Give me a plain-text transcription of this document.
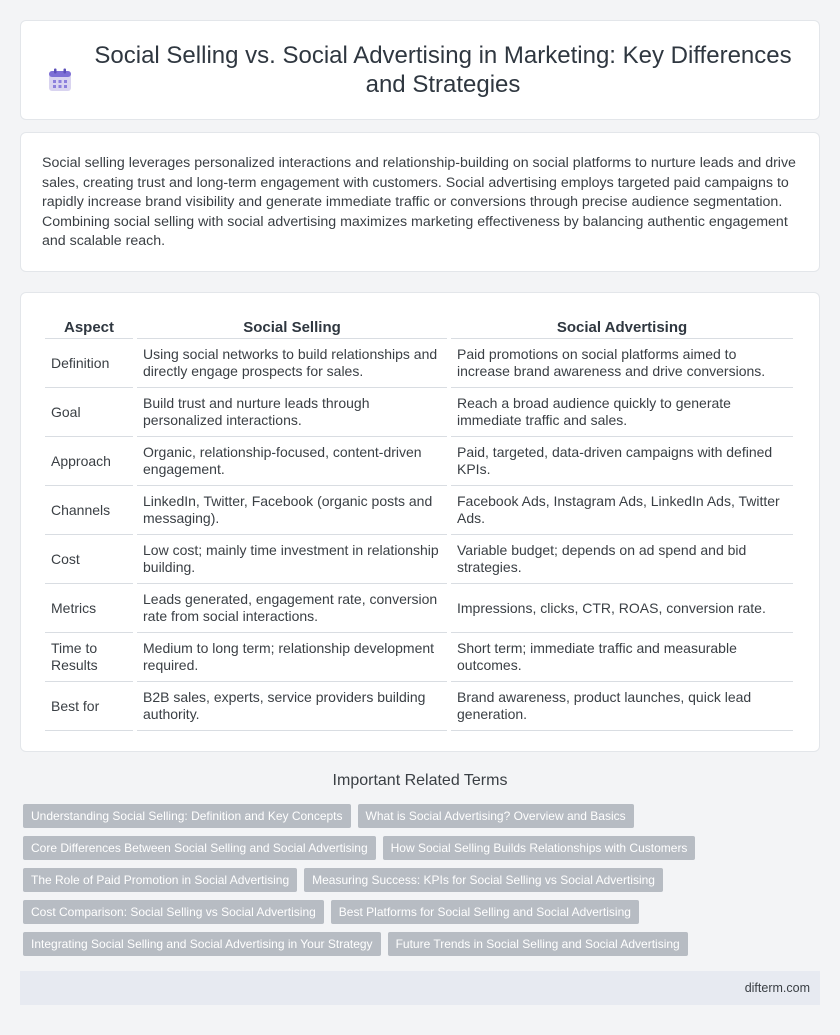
Social Selling vs. Social Advertising in Marketing: Key Differences and Strategies

Social selling leverages personalized interactions and relationship-building on social platforms to nurture leads and drive sales, creating trust and long-term engagement with customers. Social advertising employs targeted paid campaigns to rapidly increase brand visibility and generate immediate traffic or conversions through precise audience segmentation. Combining social selling with social advertising maximizes marketing effectiveness by balancing authentic engagement and scalable reach.

Aspect	Social Selling	Social Advertising
Definition	Using social networks to build relationships and directly engage prospects for sales.	Paid promotions on social platforms aimed to increase brand awareness and drive conversions.
Goal	Build trust and nurture leads through personalized interactions.	Reach a broad audience quickly to generate immediate traffic and sales.
Approach	Organic, relationship-focused, content-driven engagement.	Paid, targeted, data-driven campaigns with defined KPIs.
Channels	LinkedIn, Twitter, Facebook (organic posts and messaging).	Facebook Ads, Instagram Ads, LinkedIn Ads, Twitter Ads.
Cost	Low cost; mainly time investment in relationship building.	Variable budget; depends on ad spend and bid strategies.
Metrics	Leads generated, engagement rate, conversion rate from social interactions.	Impressions, clicks, CTR, ROAS, conversion rate.
Time to Results	Medium to long term; relationship development required.	Short term; immediate traffic and measurable outcomes.
Best for	B2B sales, experts, service providers building authority.	Brand awareness, product launches, quick lead generation.
Important Related Terms
Understanding Social Selling: Definition and Key Concepts	What is Social Advertising? Overview and Basics
Core Differences Between Social Selling and Social Advertising	How Social Selling Builds Relationships with Customers
The Role of Paid Promotion in Social Advertising	Measuring Success: KPIs for Social Selling vs Social Advertising
Cost Comparison: Social Selling vs Social Advertising	Best Platforms for Social Selling and Social Advertising
Integrating Social Selling and Social Advertising in Your Strategy	Future Trends in Social Selling and Social Advertising
difterm.com
